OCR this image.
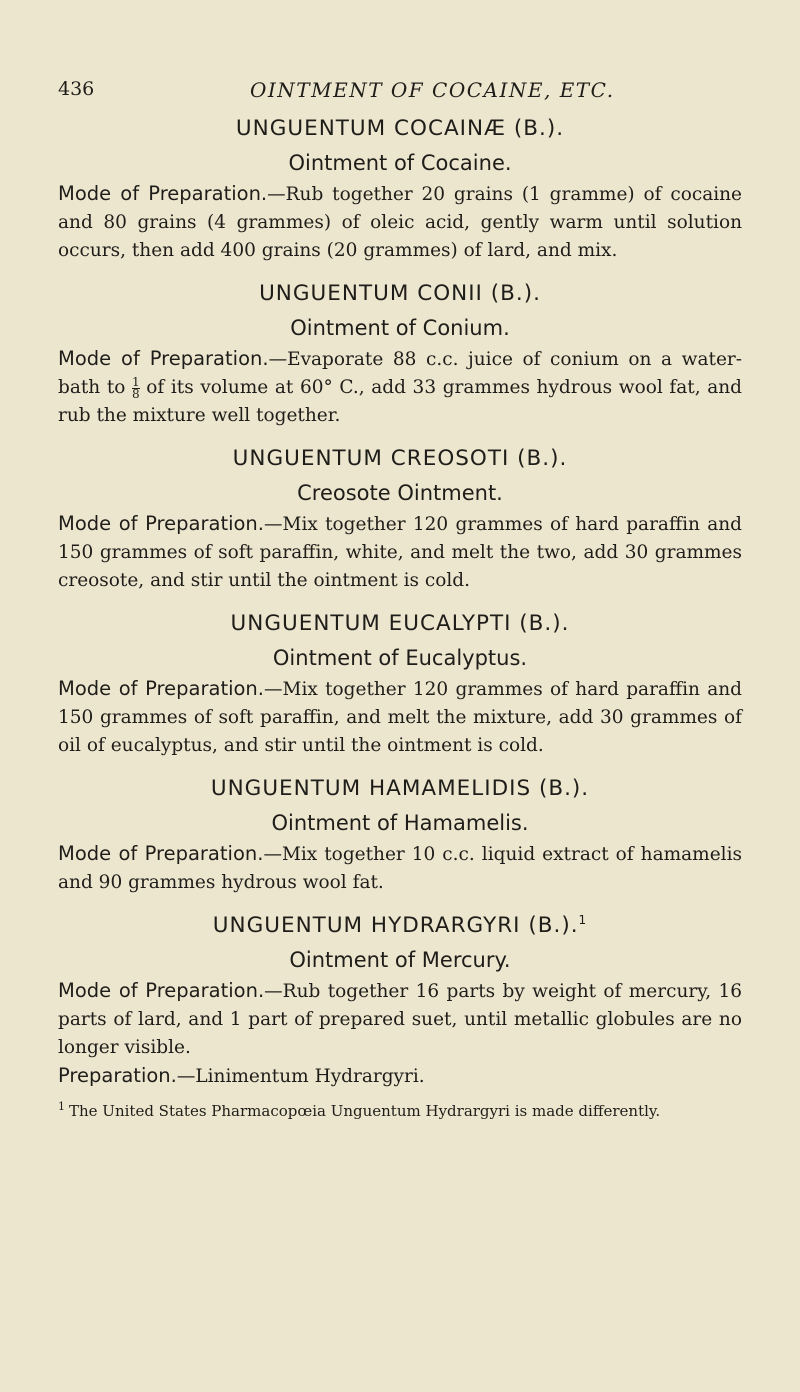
436	OINTMENT OF COCAINE, ETC.

UNGUENTUM COCAINÆ (B.).

Ointment of Cocaine.

Mode of Preparation.—Rub together 20 grains (1 gramme) of cocaine and 80 grains (4 grammes) of oleic acid, gently warm until solution occurs, then add 400 grains (20 grammes) of lard, and mix.

UNGUENTUM CONII (B.).

Ointment of Conium.

Mode of Preparation.—Evaporate 88 c.c. juice of conium on a water-bath to $\frac{1}{8}$ of its volume at 60° C., add 33 grammes hydrous wool fat, and rub the mixture well together.

UNGUENTUM CREOSOTI (B.).

Creosote Ointment.

Mode of Preparation.—Mix together 120 grammes of hard paraffin and 150 grammes of soft paraffin, white, and melt the two, add 30 grammes creosote, and stir until the ointment is cold.

UNGUENTUM EUCALYPTI (B.).

Ointment of Eucalyptus.

Mode of Preparation.—Mix together 120 grammes of hard paraffin and 150 grammes of soft paraffin, and melt the mixture, add 30 grammes of oil of eucalyptus, and stir until the ointment is cold.

UNGUENTUM HAMAMELIDIS (B.).

Ointment of Hamamelis.

Mode of Preparation.—Mix together 10 c.c. liquid extract of hamamelis and 90 grammes hydrous wool fat.

UNGUENTUM HYDRARGYRI (B.).$^1$

Ointment of Mercury.

Mode of Preparation.—Rub together 16 parts by weight of mercury, 16 parts of lard, and 1 part of prepared suet, until metallic globules are no longer visible.

Preparation.—Linimentum Hydrargyri.

$^1$ The United States Pharmacopœia Unguentum Hydrargyri is made differently.
